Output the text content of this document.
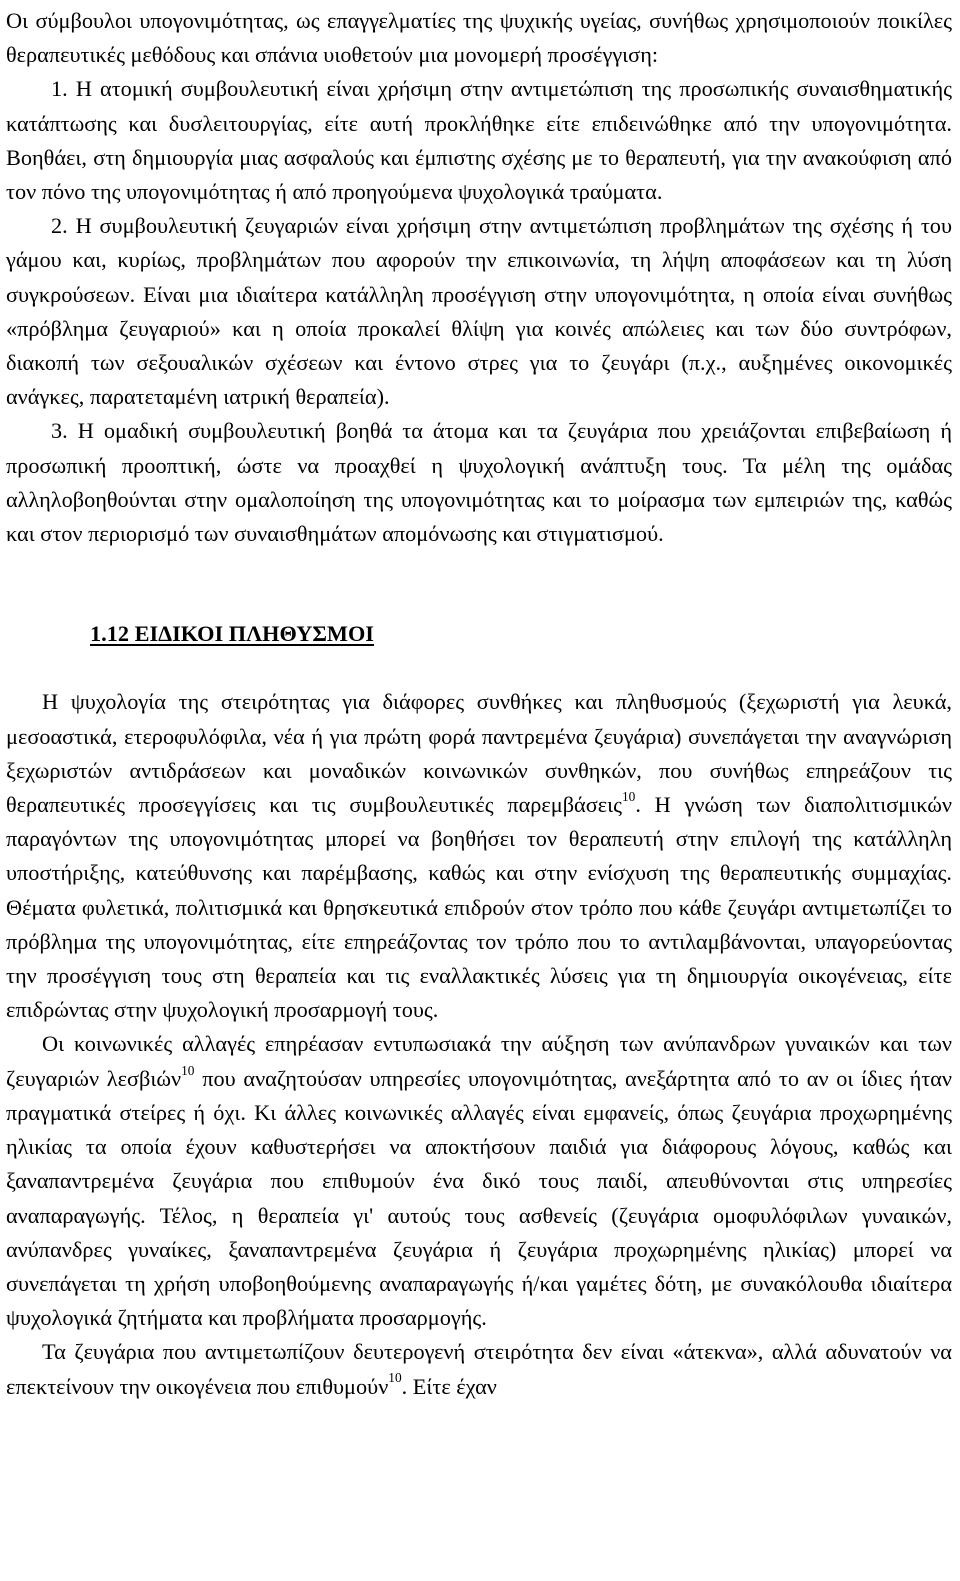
Οι σύμβουλοι υπογονιμότητας, ως επαγγελματίες της ψυχικής υγείας, συνήθως χρησιμοποιούν ποικίλες θεραπευτικές μεθόδους και σπάνια υιοθετούν μια μονομερή προσέγγιση:

1. Η ατομική συμβουλευτική είναι χρήσιμη στην αντιμετώπιση της προσωπικής συναισθηματικής κατάπτωσης και δυσλειτουργίας, είτε αυτή προκλήθηκε είτε επιδεινώθηκε από την υπογονιμότητα. Βοηθάει, στη δημιουργία μιας ασφαλούς και έμπιστης σχέσης με το θεραπευτή, για την ανακούφιση από τον πόνο της υπογονιμότητας ή από προηγούμενα ψυχολογικά τραύματα.

2. Η συμβουλευτική ζευγαριών είναι χρήσιμη στην αντιμετώπιση προβλημάτων της σχέσης ή του γάμου και, κυρίως, προβλημάτων που αφορούν την επικοινωνία, τη λήψη αποφάσεων και τη λύση συγκρούσεων. Είναι μια ιδιαίτερα κατάλληλη προσέγγιση στην υπογονιμότητα, η οποία είναι συνήθως «πρόβλημα ζευγαριού» και η οποία προκαλεί θλίψη για κοινές απώλειες και των δύο συντρόφων, διακοπή των σεξουαλικών σχέσεων και έντονο στρες για το ζευγάρι (π.χ., αυξημένες οικονομικές ανάγκες, παρατεταμένη ιατρική θεραπεία).

3. Η ομαδική συμβουλευτική βοηθά τα άτομα και τα ζευγάρια που χρειάζονται επιβεβαίωση ή προσωπική προοπτική, ώστε να προαχθεί η ψυχολογική ανάπτυξη τους. Τα μέλη της ομάδας αλληλοβοηθούνται στην ομαλοποίηση της υπογονιμότητας και το μοίρασμα των εμπειριών της, καθώς και στον περιορισμό των συναισθημάτων απομόνωσης και στιγματισμού.

1.12 ΕΙΔΙΚΟΙ ΠΛΗΘΥΣΜΟΙ

Η ψυχολογία της στειρότητας για διάφορες συνθήκες και πληθυσμούς (ξεχωριστή για λευκά, μεσοαστικά, ετεροφυλόφιλα, νέα ή για πρώτη φορά παντρεμένα ζευγάρια) συνεπάγεται την αναγνώριση ξεχωριστών αντιδράσεων και μοναδικών κοινωνικών συνθηκών, που συνήθως επηρεάζουν τις θεραπευτικές προσεγγίσεις και τις συμβουλευτικές παρεμβάσεις$^{10}$. Η γνώση των διαπολιτισμικών παραγόντων της υπογονιμότητας μπορεί να βοηθήσει τον θεραπευτή στην επιλογή της κατάλληλη υποστήριξης, κατεύθυνσης και παρέμβασης, καθώς και στην ενίσχυση της θεραπευτικής συμμαχίας. Θέματα φυλετικά, πολιτισμικά και θρησκευτικά επιδρούν στον τρόπο που κάθε ζευγάρι αντιμετωπίζει το πρόβλημα της υπογονιμότητας, είτε επηρεάζοντας τον τρόπο που το αντιλαμβάνονται, υπαγορεύοντας την προσέγγιση τους στη θεραπεία και τις εναλλακτικές λύσεις για τη δημιουργία οικογένειας, είτε επιδρώντας στην ψυχολογική προσαρμογή τους.

Οι κοινωνικές αλλαγές επηρέασαν εντυπωσιακά την αύξηση των ανύπανδρων γυναικών και των ζευγαριών λεσβιών$^{10}$ που αναζητούσαν υπηρεσίες υπογονιμότητας, ανεξάρτητα από το αν οι ίδιες ήταν πραγματικά στείρες ή όχι. Κι άλλες κοινωνικές αλλαγές είναι εμφανείς, όπως ζευγάρια προχωρημένης ηλικίας τα οποία έχουν καθυστερήσει να αποκτήσουν παιδιά για διάφορους λόγους, καθώς και ξαναπαντρεμένα ζευγάρια που επιθυμούν ένα δικό τους παιδί, απευθύνονται στις υπηρεσίες αναπαραγωγής. Τέλος, η θεραπεία γι' αυτούς τους ασθενείς (ζευγάρια ομοφυλόφιλων γυναικών, ανύπανδρες γυναίκες, ξαναπαντρεμένα ζευγάρια ή ζευγάρια προχωρημένης ηλικίας) μπορεί να συνεπάγεται τη χρήση υποβοηθούμενης αναπαραγωγής ή/και γαμέτες δότη, με συνακόλουθα ιδιαίτερα ψυχολογικά ζητήματα και προβλήματα προσαρμογής.

Τα ζευγάρια που αντιμετωπίζουν δευτερογενή στειρότητα δεν είναι «άτεκνα», αλλά αδυνατούν να επεκτείνουν την οικογένεια που επιθυμούν$^{10}$. Είτε έχαν
